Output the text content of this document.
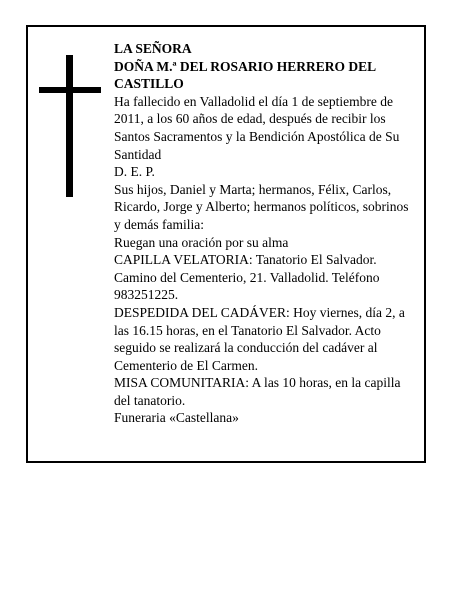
LA SEÑORA

DOÑA M.ª DEL ROSARIO HERRERO DEL CASTILLO

Ha fallecido en Valladolid el día 1 de septiembre de 2011, a los 60 años de edad, después de recibir los Santos Sacramentos y la Bendición Apostólica de Su Santidad

D. E. P.

Sus hijos, Daniel y Marta; hermanos, Félix, Carlos, Ricardo, Jorge y Alberto; hermanos políticos, sobrinos y demás familia:

Ruegan una oración por su alma

CAPILLA VELATORIA: Tanatorio El Salvador. Camino del Cementerio, 21. Valladolid. Teléfono 983251225.

DESPEDIDA DEL CADÁVER: Hoy viernes, día 2, a las 16.15 horas, en el Tanatorio El Salvador. Acto seguido se realizará la conducción del cadáver al Cementerio de El Carmen.

MISA COMUNITARIA: A las 10 horas, en la capilla del tanatorio.

Funeraria «Castellana»
